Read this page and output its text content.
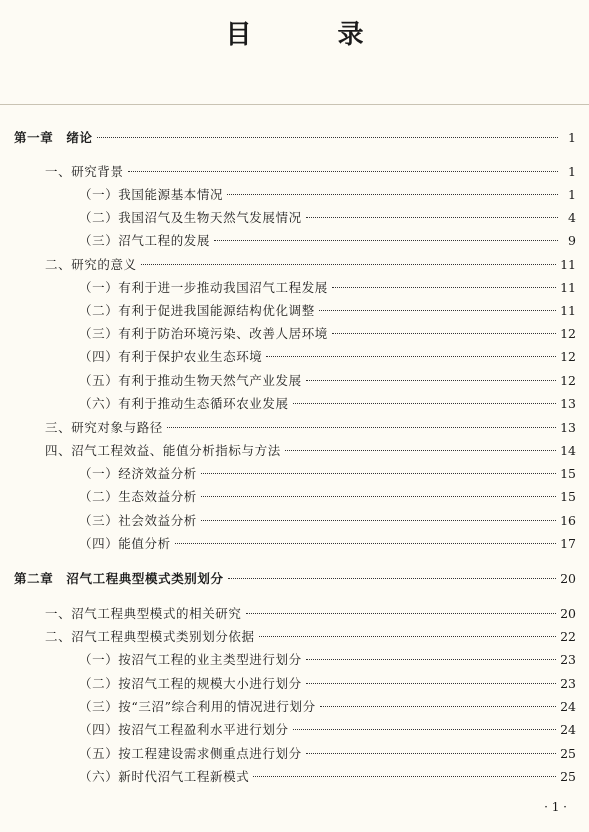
目　录
第一章　绪论	1
一、研究背景	1
（一）我国能源基本情况	1
（二）我国沼气及生物天然气发展情况	4
（三）沼气工程的发展	9
二、研究的意义	11
（一）有利于进一步推动我国沼气工程发展	11
（二）有利于促进我国能源结构优化调整	11
（三）有利于防治环境污染、改善人居环境	12
（四）有利于保护农业生态环境	12
（五）有利于推动生物天然气产业发展	12
（六）有利于推动生态循环农业发展	13
三、研究对象与路径	13
四、沼气工程效益、能值分析指标与方法	14
（一）经济效益分析	15
（二）生态效益分析	15
（三）社会效益分析	16
（四）能值分析	17
第二章　沼气工程典型模式类别划分	20
一、沼气工程典型模式的相关研究	20
二、沼气工程典型模式类别划分依据	22
（一）按沼气工程的业主类型进行划分	23
（二）按沼气工程的规模大小进行划分	23
（三）按“三沼”综合利用的情况进行划分	24
（四）按沼气工程盈利水平进行划分	24
（五）按工程建设需求侧重点进行划分	25
（六）新时代沼气工程新模式	25
· 1 ·
